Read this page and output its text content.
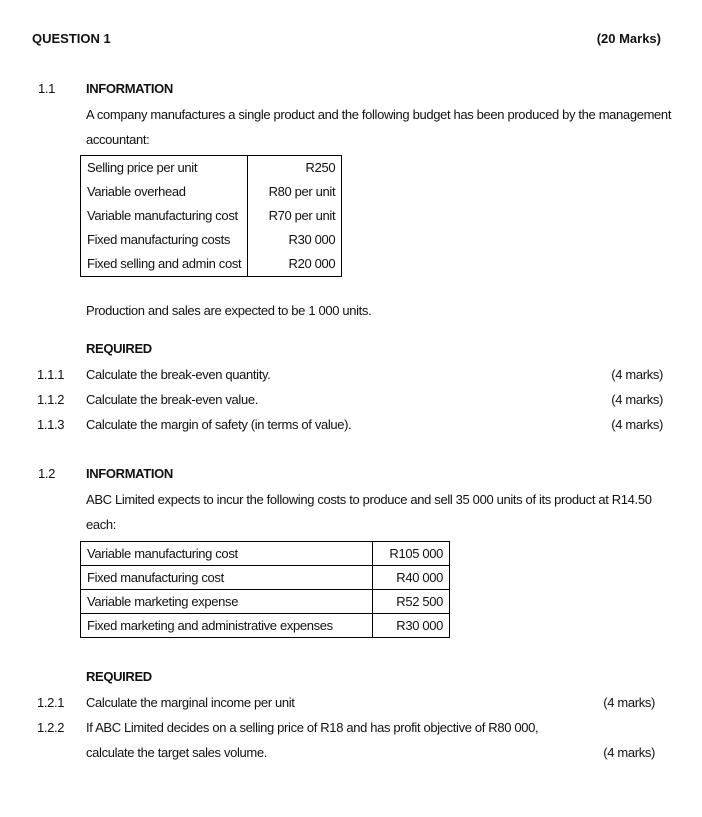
QUESTION 1	(20 Marks)
1.1 INFORMATION
A company manufactures a single product and the following budget has been produced by the management
accountant:
Selling price per unit	R250
Variable overhead	R80 per unit
Variable manufacturing cost	R70 per unit
Fixed manufacturing costs	R30 000
Fixed selling and admin cost	R20 000
Production and sales are expected to be 1 000 units.
REQUIRED
1.1.1 Calculate the break-even quantity.	(4 marks)
1.1.2 Calculate the break-even value.	(4 marks)
1.1.3 Calculate the margin of safety (in terms of value).	(4 marks)
1.2 INFORMATION
ABC Limited expects to incur the following costs to produce and sell 35 000 units of its product at R14.50
each:
Variable manufacturing cost	R105 000
Fixed manufacturing cost	R40 000
Variable marketing expense	R52 500
Fixed marketing and administrative expenses	R30 000
REQUIRED
1.2.1 Calculate the marginal income per unit	(4 marks)
1.2.2 If ABC Limited decides on a selling price of R18 and has profit objective of R80 000,
calculate the target sales volume.	(4 marks)
